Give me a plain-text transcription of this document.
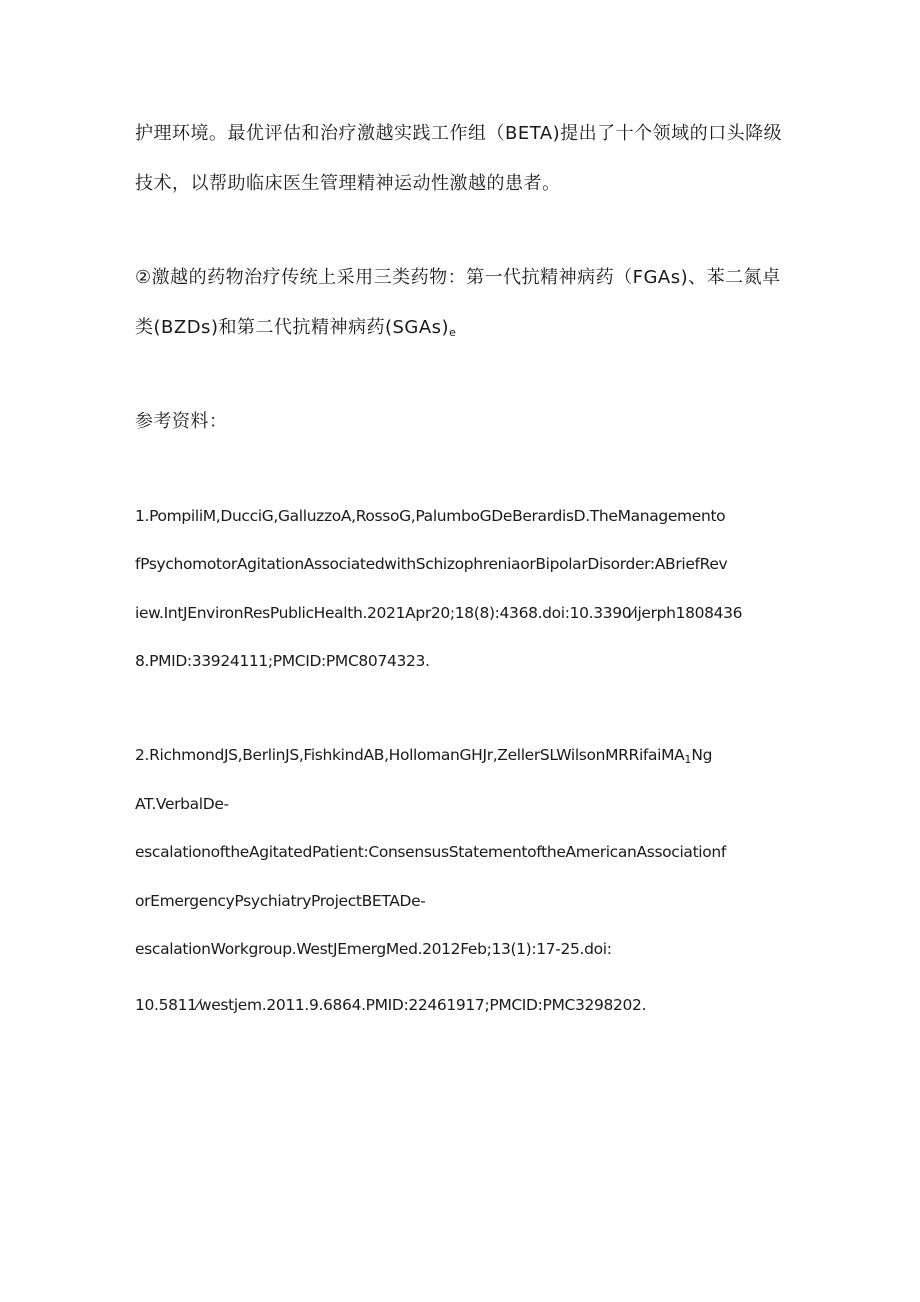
护理环境。最优评估和治疗激越实践工作组（BETA)提出了十个领域的口头降级
技术，以帮助临床医生管理精神运动性激越的患者。
②激越的药物治疗传统上采用三类药物：第一代抗精神病药（FGAs)、苯二氮卓
类(BZDs)和第二代抗精神病药$(SGAs)_e$
参考资料：
1.PompiliM,DucciG,GalluzzoA,RossoG,PalumboGDeBerardisD.TheManagemento
fPsychomotorAgitationAssociatedwithSchizophreniaorBipolarDisorder:ABriefRev
iew.IntJEnvironResPublicHealth.2021Apr20;18(8):4368.doi:10.3390⁄ijerph1808436
8.PMID:33924111;PMCID:PMC8074323.
2.RichmondJS,BerlinJS,FishkindAB,HollomanGHJr,ZellerSLWilsonMRRifaiMA$_1$Ng
AT.VerbalDe-
escalationoftheAgitatedPatient:ConsensusStatementoftheAmericanAssociationf
orEmergencyPsychiatryProjectBETADe-
escalationWorkgroup.WestJEmergMed.2012Feb;13(1):17-25.doi:
10.5811⁄westjem.2011.9.6864.PMID:22461917;PMCID:PMC3298202.
